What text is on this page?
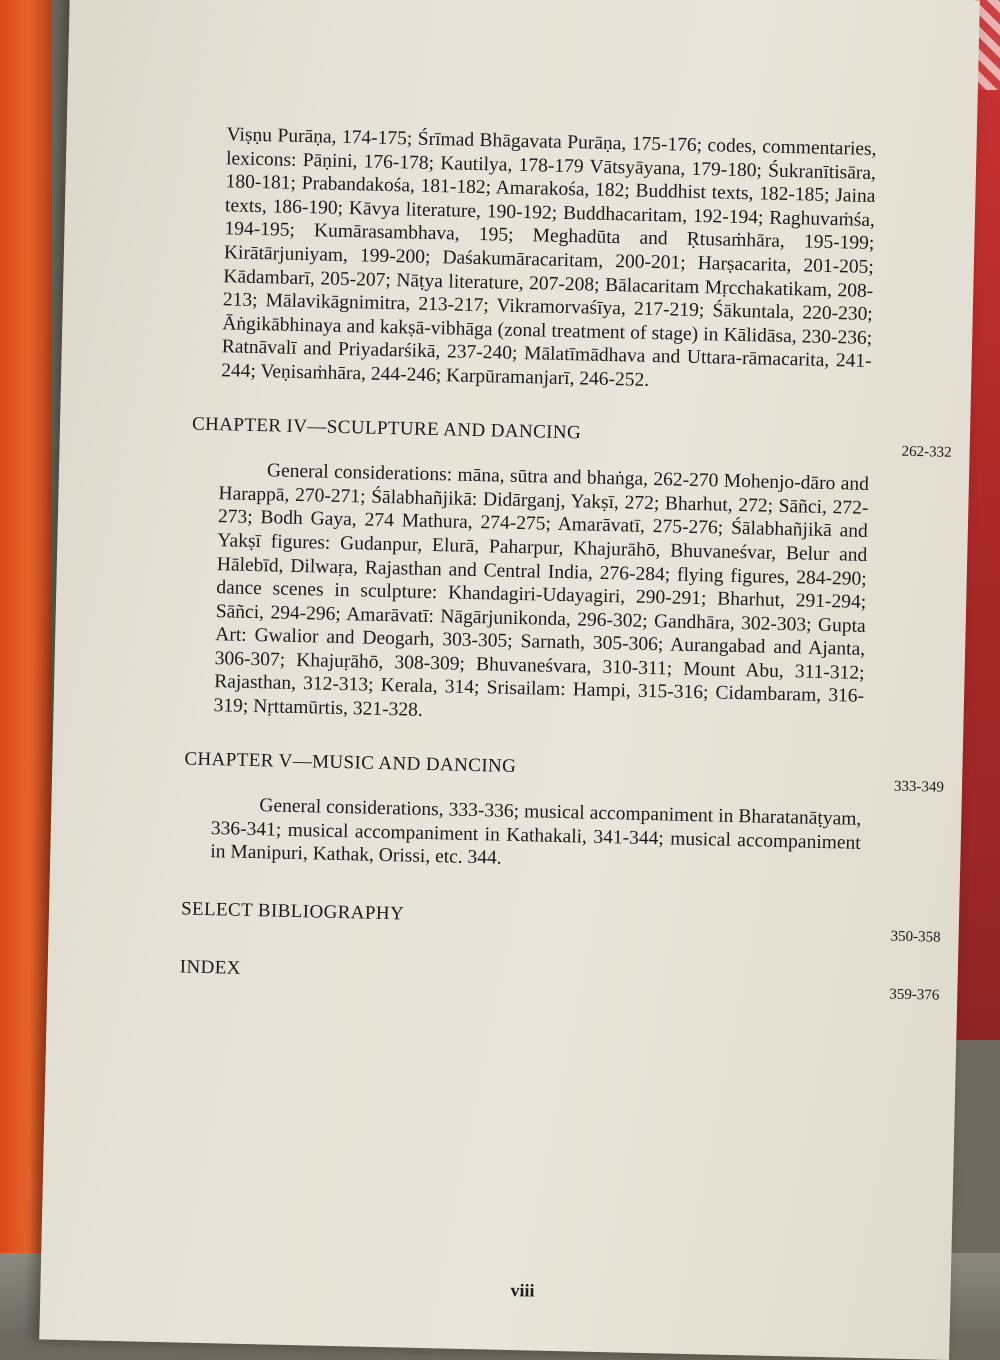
Viṣṇu Purāṇa, 174-175; Śrīmad Bhāgavata Purāṇa, 175-176; codes, commentaries, lexicons: Pāṇini, 176-178; Kautilya, 178-179 Vātsyāyana, 179-180; Śukranītisāra, 180-181; Prabandakośa, 181-182; Amarakośa, 182; Buddhist texts, 182-185; Jaina texts, 186-190; Kāvya literature, 190-192; Buddhacaritam, 192-194; Raghuvaṁśa, 194-195; Kumārasambhava, 195; Meghadūta and Ṛtusaṁhāra, 195-199; Kirātārjuniyam, 199-200; Daśakumāracaritam, 200-201; Harṣacarita, 201-205; Kādambarī, 205-207; Nāṭya literature, 207-208; Bālacaritam Mṛcchakatikam, 208-213; Mālavikāgnimitra, 213-217; Vikramorvaśīya, 217-219; Śākuntala, 220-230; Āṅgikābhinaya and kakṣā-vibhāga (zonal treatment of stage) in Kālidāsa, 230-236; Ratnāvalī and Priyadarśikā, 237-240; Mālatīmādhava and Uttara-rāmacarita, 241-244; Veṇisaṁhāra, 244-246; Karpūramanjarī, 246-252.

CHAPTER IV—SCULPTURE AND DANCING
262-332

General considerations: māna, sūtra and bhaṅga, 262-270 Mohenjo-dāro and Harappā, 270-271; Śālabhañjikā: Didārganj, Yakṣī, 272; Bharhut, 272; Sāñci, 272-273; Bodh Gaya, 274 Mathura, 274-275; Amarāvatī, 275-276; Śālabhañjikā and Yakṣī figures: Gudanpur, Elurā, Paharpur, Khajurāhō, Bhuvaneśvar, Belur and Hālebīd, Dilwaṛa, Rajasthan and Central India, 276-284; flying figures, 284-290; dance scenes in sculpture: Khandagiri-Udayagiri, 290-291; Bharhut, 291-294; Sāñci, 294-296; Amarāvatī: Nāgārjunikonda, 296-302; Gandhāra, 302-303; Gupta Art: Gwalior and Deogarh, 303-305; Sarnath, 305-306; Aurangabad and Ajanta, 306-307; Khajuṛāhō, 308-309; Bhuvaneśvara, 310-311; Mount Abu, 311-312; Rajasthan, 312-313; Kerala, 314; Srisailam: Hampi, 315-316; Cidambaram, 316-319; Nṛttamūrtis, 321-328.

CHAPTER V—MUSIC AND DANCING
333-349

General considerations, 333-336; musical accompaniment in Bharatanāṭyam, 336-341; musical accompaniment in Kathakali, 341-344; musical accompaniment in Manipuri, Kathak, Orissi, etc. 344.

SELECT BIBLIOGRAPHY
350-358
INDEX
359-376
viii
